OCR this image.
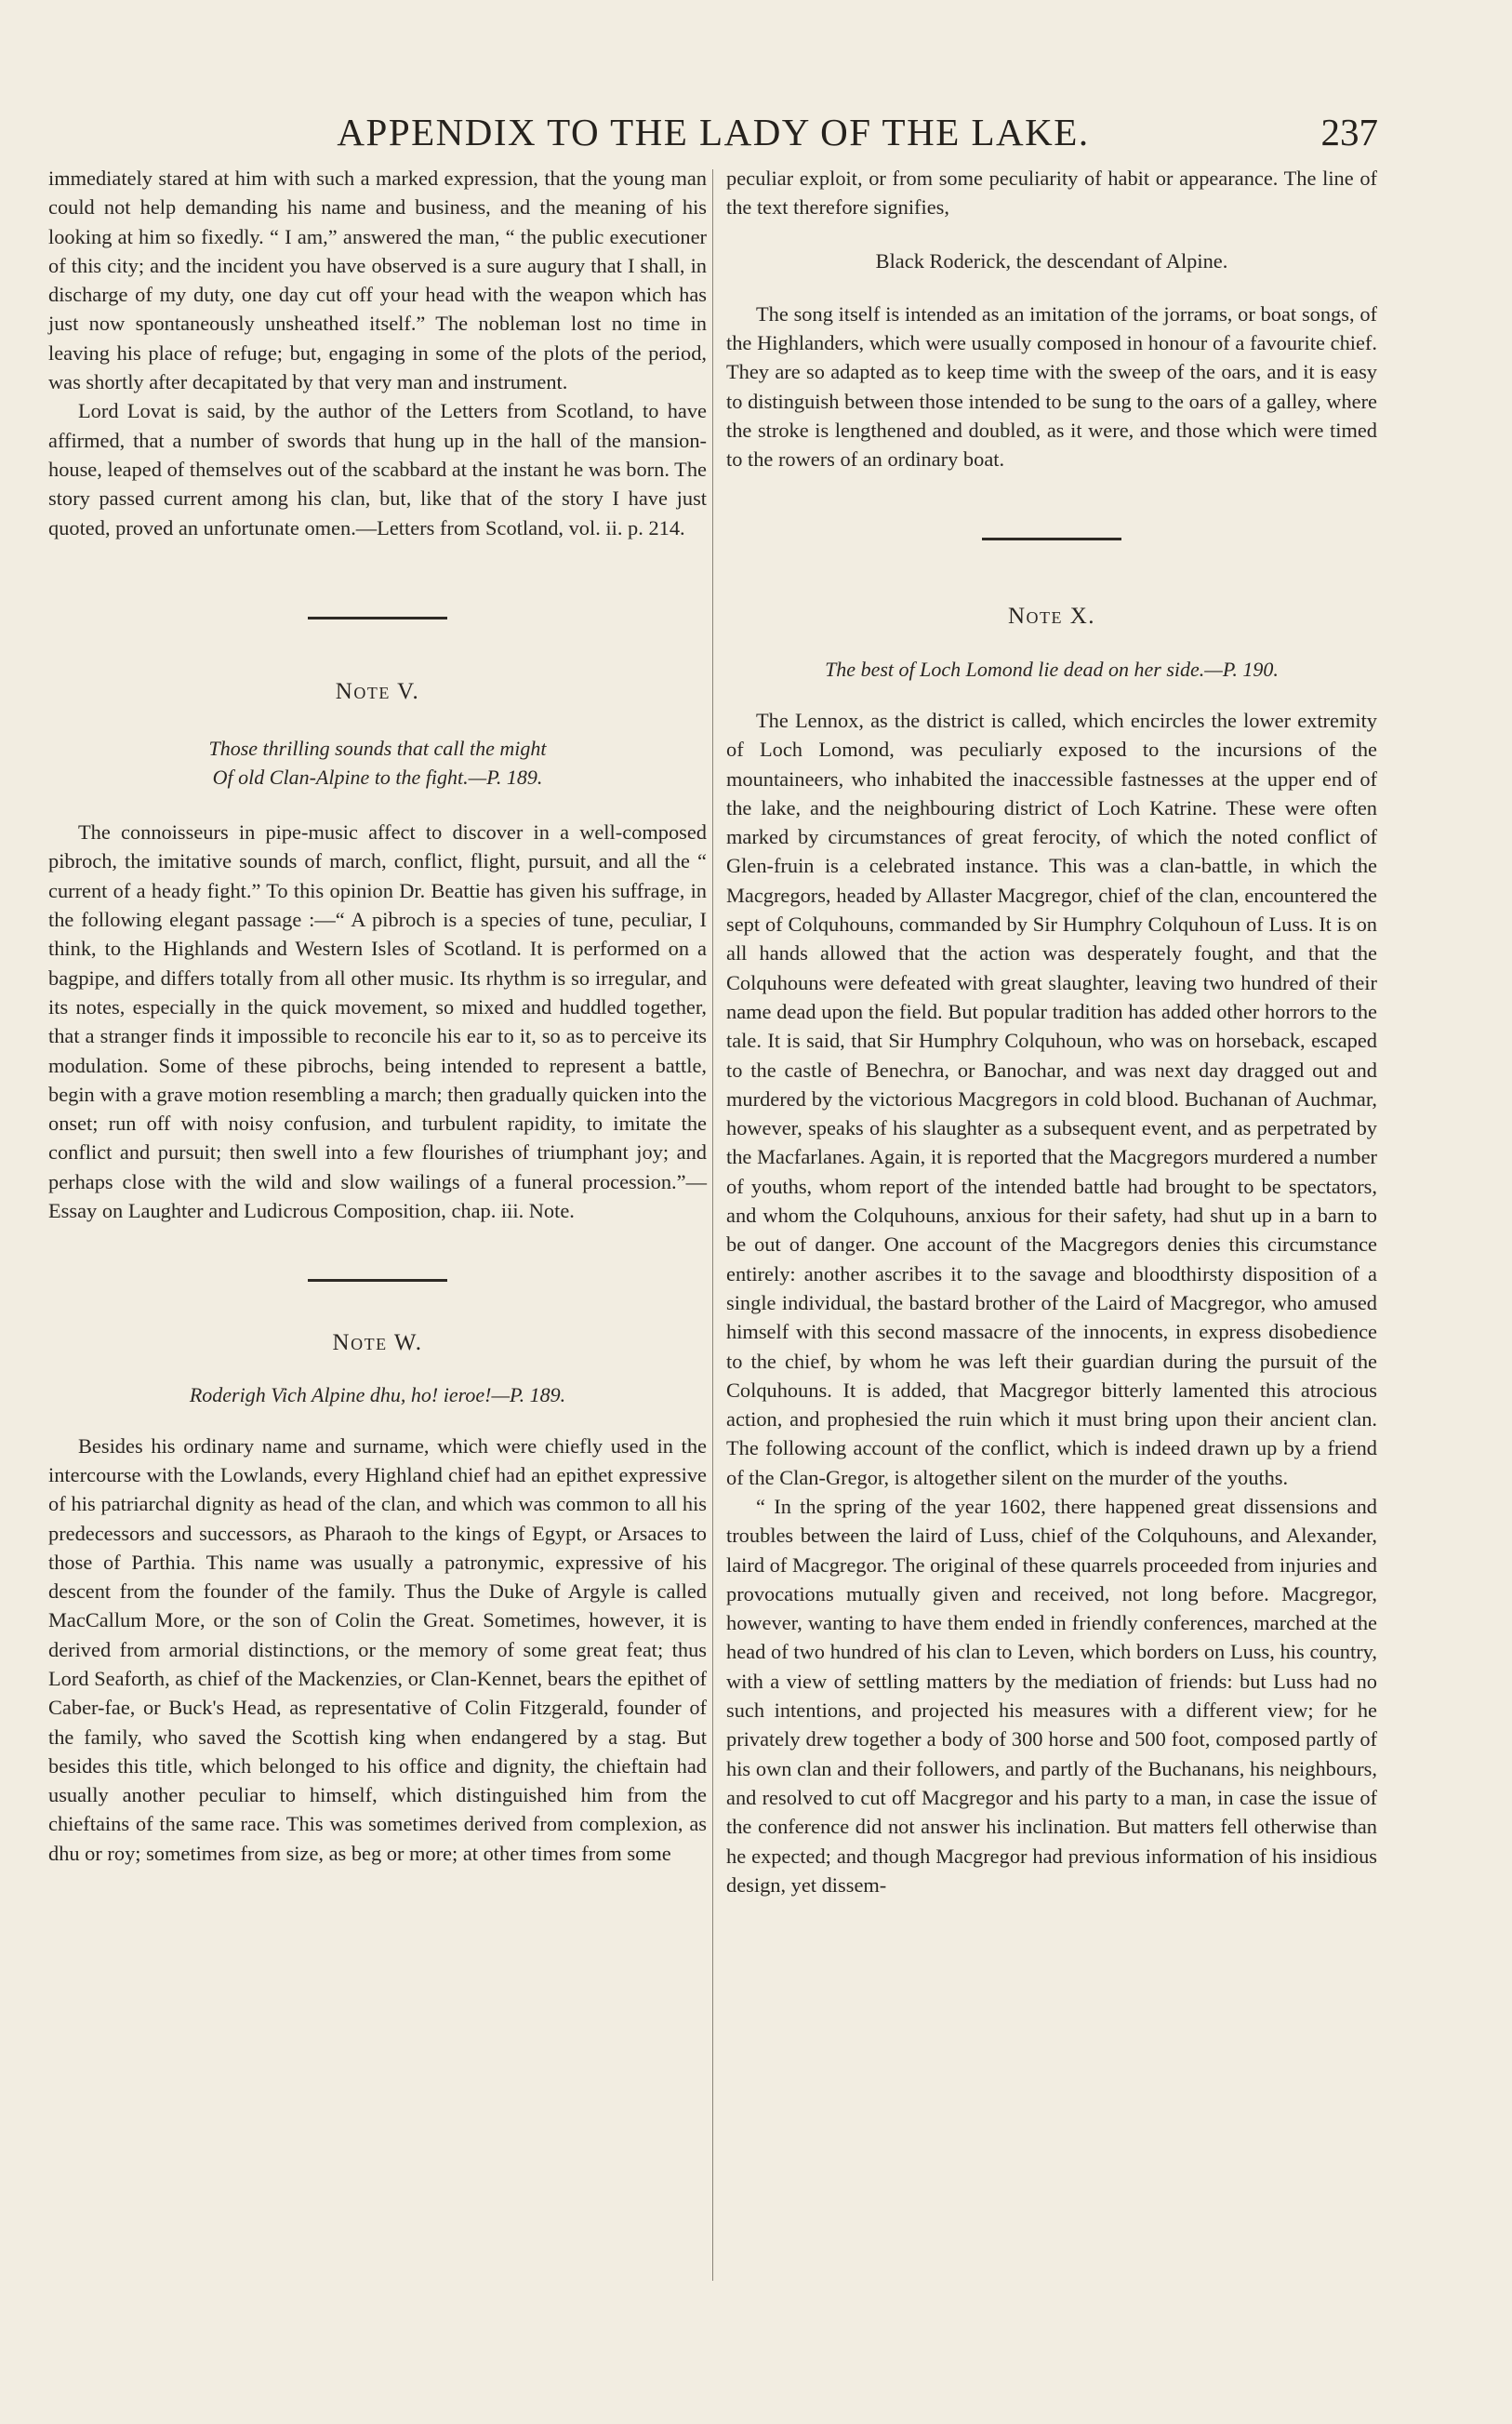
APPENDIX TO THE LADY OF THE LAKE.	237

immediately stared at him with such a marked expression, that the young man could not help demanding his name and business, and the meaning of his looking at him so fixedly. “ I am,” answered the man, “ the public executioner of this city; and the incident you have observed is a sure augury that I shall, in discharge of my duty, one day cut off your head with the weapon which has just now spontaneously unsheathed itself.” The nobleman lost no time in leaving his place of refuge; but, engaging in some of the plots of the period, was shortly after decapitated by that very man and instrument.

Lord Lovat is said, by the author of the Letters from Scotland, to have affirmed, that a number of swords that hung up in the hall of the mansion-house, leaped of themselves out of the scabbard at the instant he was born. The story passed current among his clan, but, like that of the story I have just quoted, proved an unfortunate omen.—Letters from Scotland, vol. ii. p. 214.

Note V.
Those thrilling sounds that call the might
Of old Clan-Alpine to the fight.—P. 189.

The connoisseurs in pipe-music affect to discover in a well-composed pibroch, the imitative sounds of march, conflict, flight, pursuit, and all the “ current of a heady fight.” To this opinion Dr. Beattie has given his suffrage, in the following elegant passage :—“ A pibroch is a species of tune, peculiar, I think, to the Highlands and Western Isles of Scotland. It is performed on a bagpipe, and differs totally from all other music. Its rhythm is so irregular, and its notes, especially in the quick movement, so mixed and huddled together, that a stranger finds it impossible to reconcile his ear to it, so as to perceive its modulation. Some of these pibrochs, being intended to represent a battle, begin with a grave motion resembling a march; then gradually quicken into the onset; run off with noisy confusion, and turbulent rapidity, to imitate the conflict and pursuit; then swell into a few flourishes of triumphant joy; and perhaps close with the wild and slow wailings of a funeral procession.”—Essay on Laughter and Ludicrous Composition, chap. iii. Note.

Note W.
Roderigh Vich Alpine dhu, ho! ieroe!—P. 189.

Besides his ordinary name and surname, which were chiefly used in the intercourse with the Lowlands, every Highland chief had an epithet expressive of his patriarchal dignity as head of the clan, and which was common to all his predecessors and successors, as Pharaoh to the kings of Egypt, or Arsaces to those of Parthia. This name was usually a patronymic, expressive of his descent from the founder of the family. Thus the Duke of Argyle is called MacCallum More, or the son of Colin the Great. Sometimes, however, it is derived from armorial distinctions, or the memory of some great feat; thus Lord Seaforth, as chief of the Mackenzies, or Clan-Kennet, bears the epithet of Caber-fae, or Buck's Head, as representative of Colin Fitzgerald, founder of the family, who saved the Scottish king when endangered by a stag. But besides this title, which belonged to his office and dignity, the chieftain had usually another peculiar to himself, which distinguished him from the chieftains of the same race. This was sometimes derived from complexion, as dhu or roy; sometimes from size, as beg or more; at other times from some

peculiar exploit, or from some peculiarity of habit or appearance. The line of the text therefore signifies,

Black Roderick, the descendant of Alpine.

The song itself is intended as an imitation of the jorrams, or boat songs, of the Highlanders, which were usually composed in honour of a favourite chief. They are so adapted as to keep time with the sweep of the oars, and it is easy to distinguish between those intended to be sung to the oars of a galley, where the stroke is lengthened and doubled, as it were, and those which were timed to the rowers of an ordinary boat.

Note X.
The best of Loch Lomond lie dead on her side.—P. 190.

The Lennox, as the district is called, which encircles the lower extremity of Loch Lomond, was peculiarly exposed to the incursions of the mountaineers, who inhabited the inaccessible fastnesses at the upper end of the lake, and the neighbouring district of Loch Katrine. These were often marked by circumstances of great ferocity, of which the noted conflict of Glen-fruin is a celebrated instance. This was a clan-battle, in which the Macgregors, headed by Allaster Macgregor, chief of the clan, encountered the sept of Colquhouns, commanded by Sir Humphry Colquhoun of Luss. It is on all hands allowed that the action was desperately fought, and that the Colquhouns were defeated with great slaughter, leaving two hundred of their name dead upon the field. But popular tradition has added other horrors to the tale. It is said, that Sir Humphry Colquhoun, who was on horseback, escaped to the castle of Benechra, or Banochar, and was next day dragged out and murdered by the victorious Macgregors in cold blood. Buchanan of Auchmar, however, speaks of his slaughter as a subsequent event, and as perpetrated by the Macfarlanes. Again, it is reported that the Macgregors murdered a number of youths, whom report of the intended battle had brought to be spectators, and whom the Colquhouns, anxious for their safety, had shut up in a barn to be out of danger. One account of the Macgregors denies this circumstance entirely: another ascribes it to the savage and bloodthirsty disposition of a single individual, the bastard brother of the Laird of Macgregor, who amused himself with this second massacre of the innocents, in express disobedience to the chief, by whom he was left their guardian during the pursuit of the Colquhouns. It is added, that Macgregor bitterly lamented this atrocious action, and prophesied the ruin which it must bring upon their ancient clan. The following account of the conflict, which is indeed drawn up by a friend of the Clan-Gregor, is altogether silent on the murder of the youths.

“ In the spring of the year 1602, there happened great dissensions and troubles between the laird of Luss, chief of the Colquhouns, and Alexander, laird of Macgregor. The original of these quarrels proceeded from injuries and provocations mutually given and received, not long before. Macgregor, however, wanting to have them ended in friendly conferences, marched at the head of two hundred of his clan to Leven, which borders on Luss, his country, with a view of settling matters by the mediation of friends: but Luss had no such intentions, and projected his measures with a different view; for he privately drew together a body of 300 horse and 500 foot, composed partly of his own clan and their followers, and partly of the Buchanans, his neighbours, and resolved to cut off Macgregor and his party to a man, in case the issue of the conference did not answer his inclination. But matters fell otherwise than he expected; and though Macgregor had previous information of his insidious design, yet dissem-
